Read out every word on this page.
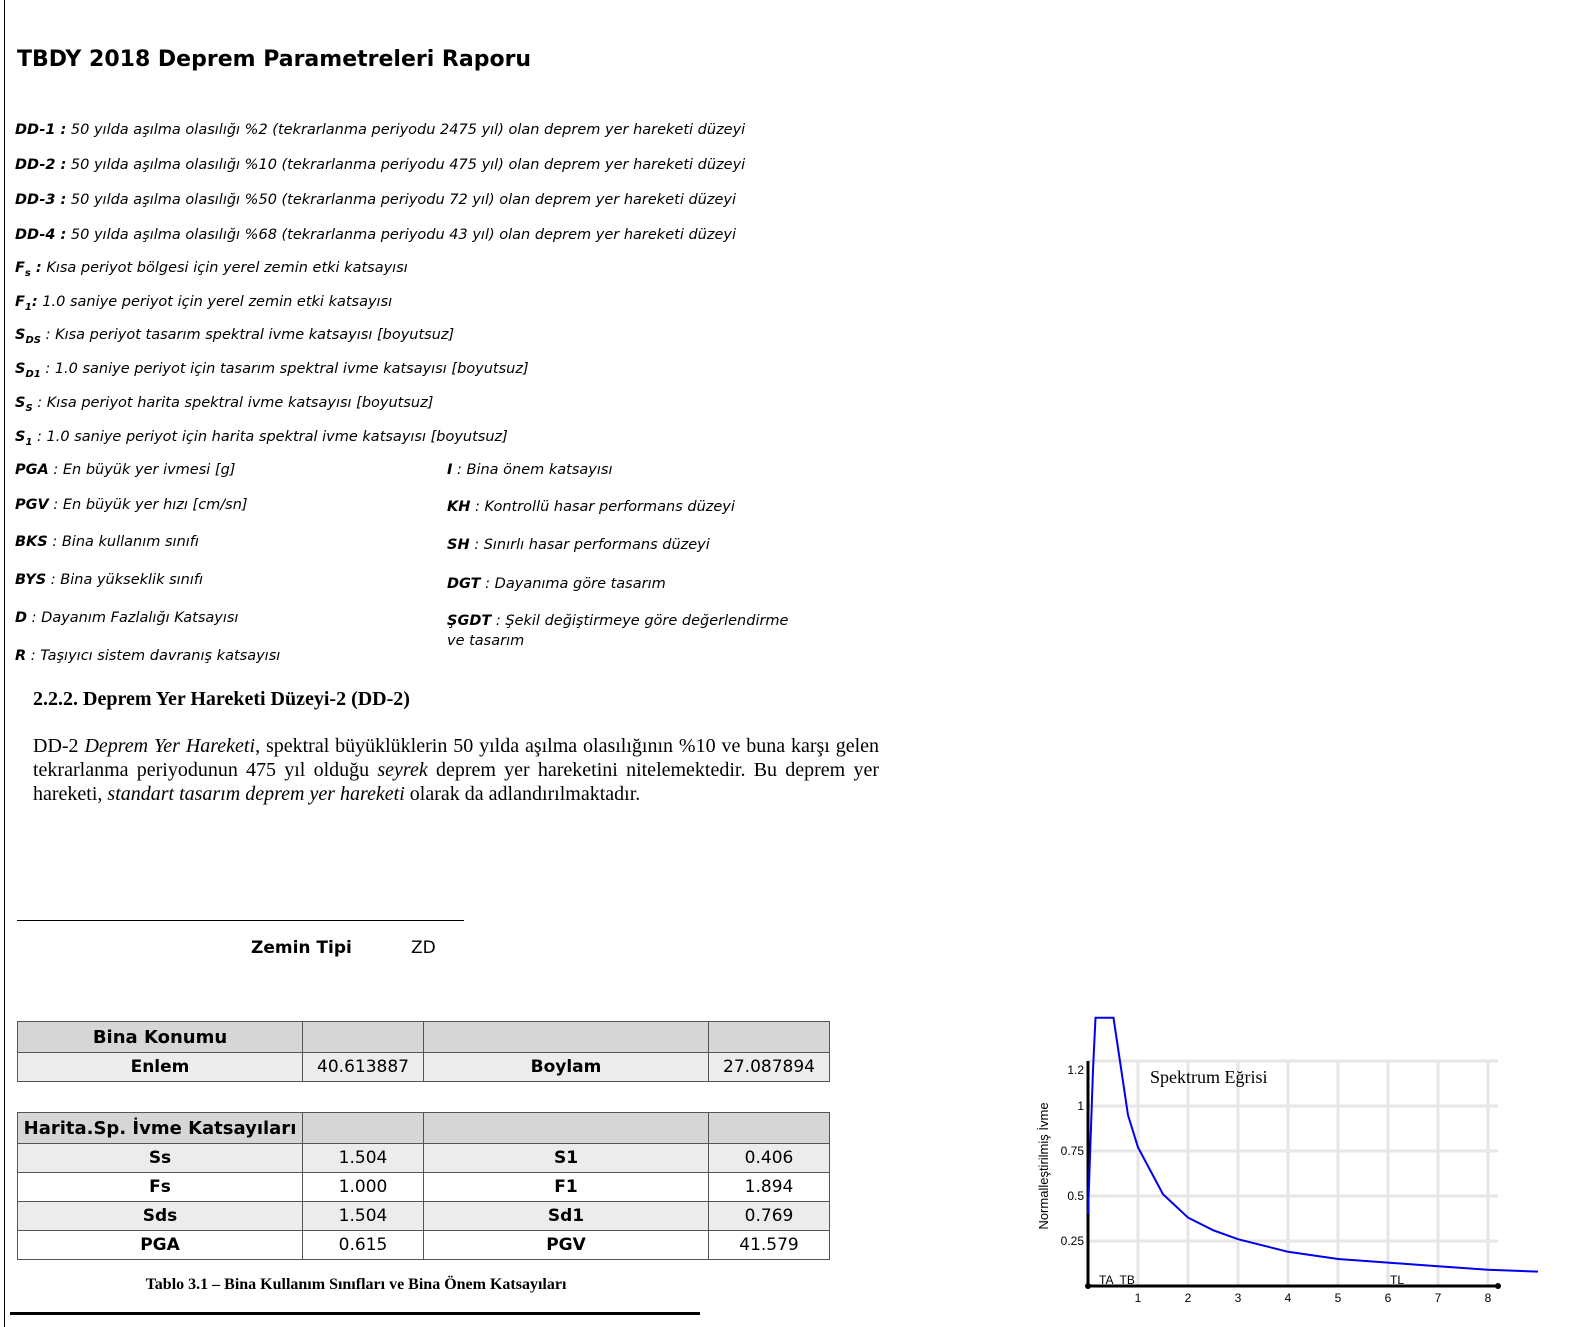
TBDY 2018 Deprem Parametreleri Raporu
DD-1 : 50 yılda aşılma olasılığı %2 (tekrarlanma periyodu 2475 yıl) olan deprem yer hareketi düzeyi
DD-2 : 50 yılda aşılma olasılığı %10 (tekrarlanma periyodu 475 yıl) olan deprem yer hareketi düzeyi
DD-3 : 50 yılda aşılma olasılığı %50 (tekrarlanma periyodu 72 yıl) olan deprem yer hareketi düzeyi
DD-4 : 50 yılda aşılma olasılığı %68 (tekrarlanma periyodu 43 yıl) olan deprem yer hareketi düzeyi
$F_s$ : Kısa periyot bölgesi için yerel zemin etki katsayısı
$F_1$: 1.0 saniye periyot için yerel zemin etki katsayısı
$S_{DS}$ : Kısa periyot tasarım spektral ivme katsayısı [boyutsuz]
$S_{D1}$ : 1.0 saniye periyot için tasarım spektral ivme katsayısı [boyutsuz]
$S_S$ : Kısa periyot harita spektral ivme katsayısı [boyutsuz]
$S_1$ : 1.0 saniye periyot için harita spektral ivme katsayısı [boyutsuz]
PGA : En büyük yer ivmesi [g]
PGV : En büyük yer hızı [cm/sn]
BKS : Bina kullanım sınıfı
BYS : Bina yükseklik sınıfı
D : Dayanım Fazlalığı Katsayısı
R : Taşıyıcı sistem davranış katsayısı
I : Bina önem katsayısı
KH : Kontrollü hasar performans düzeyi
SH : Sınırlı hasar performans düzeyi
DGT : Dayanıma göre tasarım
ŞGDT : Şekil değiştirmeye göre değerlendirme
ve tasarım
2.2.2. Deprem Yer Hareketi Düzeyi-2 (DD-2)

DD-2 Deprem Yer Hareketi, spektral büyüklüklerin 50 yılda aşılma olasılığının %10 ve buna karşı gelen tekrarlanma periyodunun 475 yıl olduğu seyrek deprem yer hareketini nitelemektedir. Bu deprem yer hareketi, standart tasarım deprem yer hareketi olarak da adlandırılmaktadır.

Zemin Tipi	ZD
Bina Konumu			
Enlem	40.613887	Boylam	27.087894
Harita.Sp. İvme Katsayıları			
Ss	1.504	S1	0.406
Fs	1.000	F1	1.894
Sds	1.504	Sd1	0.769
PGA	0.615	PGV	41.579
Tablo 3.1 – Bina Kullanım Sınıfları ve Bina Önem Katsayıları
1	2	3	4	5	6	7	8
0.25
0.5
0.75
1
1.2
TA TB	TL
Spektrum Eğrisi
Normalleştirilmiş İvme
